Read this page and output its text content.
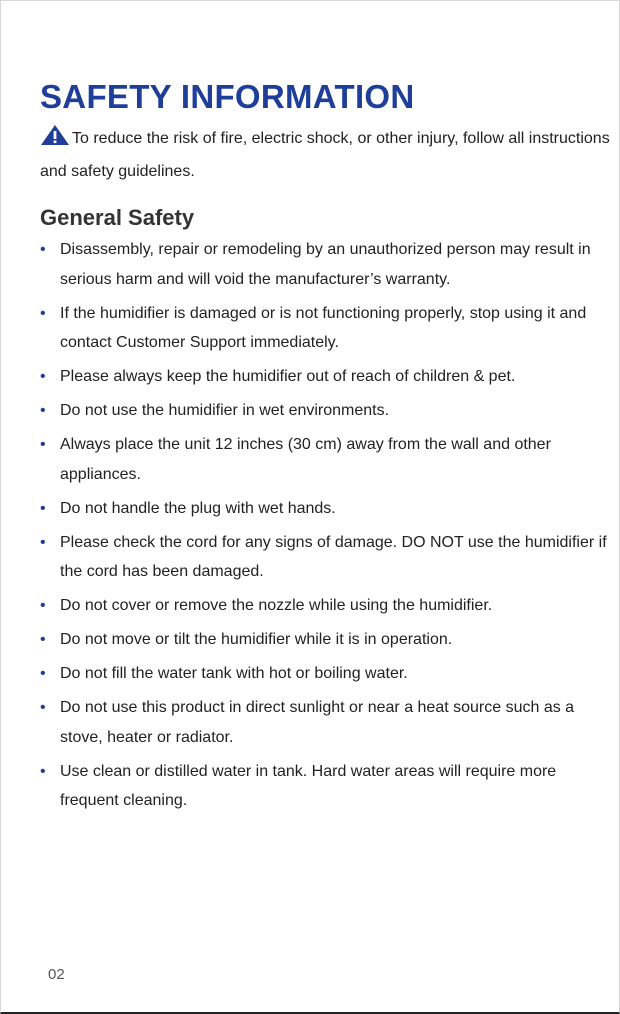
SAFETY INFORMATION

To reduce the risk of fire, electric shock, or other injury, follow all instructions and safety guidelines.

General Safety
• Disassembly, repair or remodeling by an unauthorized person may result in serious harm and will void the manufacturer’s warranty.
• If the humidifier is damaged or is not functioning properly, stop using it and contact Customer Support immediately.
• Please always keep the humidifier out of reach of children & pet.
• Do not use the humidifier in wet environments.
• Always place the unit 12 inches (30 cm) away from the wall and other appliances.
• Do not handle the plug with wet hands.
• Please check the cord for any signs of damage. DO NOT use the humidifier if the cord has been damaged.
• Do not cover or remove the nozzle while using the humidifier.
• Do not move or tilt the humidifier while it is in operation.
• Do not fill the water tank with hot or boiling water.
• Do not use this product in direct sunlight or near a heat source such as a stove, heater or radiator.
• Use clean or distilled water in tank. Hard water areas will require more frequent cleaning.
02
